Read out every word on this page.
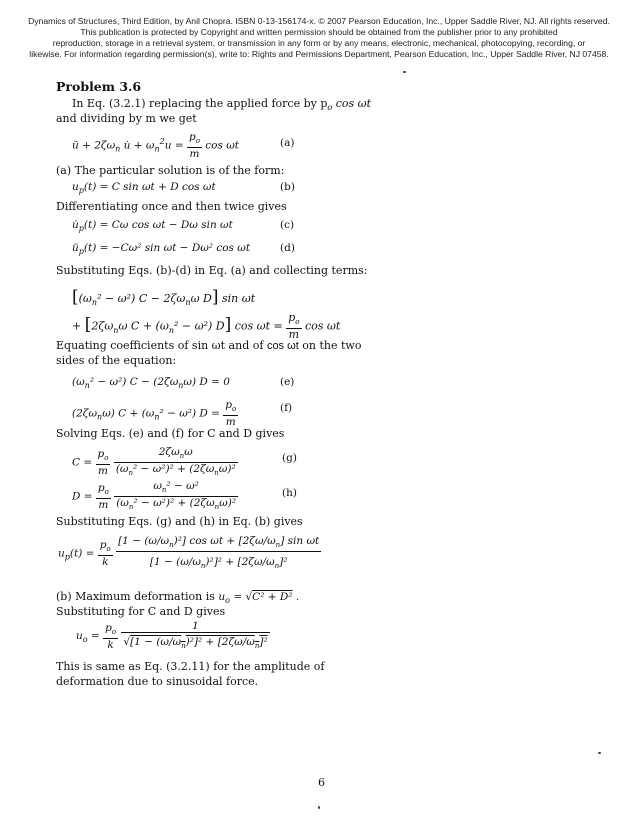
Dynamics of Structures, Third Edition, by Anil Chopra. ISBN 0-13-156174-x. © 2007 Pearson Education, Inc., Upper Saddle River, NJ. All rights reserved.
This publication is protected by Copyright and written permission should be obtained from the publisher prior to any prohibited
reproduction, storage in a retrieval system, or transmission in any form or by any means, electronic, mechanical, photocopying, recording, or
likewise. For information regarding permission(s), write to: Rights and Permissions Department, Pearson Education, Inc., Upper Saddle River, NJ 07458.
Problem 3.6
In Eq. (3.2.1) replacing the applied force by $p_o$ cos ωt
and dividing by m we get
ü + $2\zeta\omega_n$ u̇ + $\omega_n^2u = \frac{p_o}{m}$ cos ωt	(a)
(a) The particular solution is of the form:
$u_p(t) = C$ sin ωt + D cos ωt	(b)
Differentiating once and then twice gives
$u̇_p(t) = C\omega$ cos ωt − Dω sin ωt	(c)
$ü_p(t) = -C\omega^2$ sin ωt − Dω² cos ωt	(d)
Substituting Eqs. (b)-(d) in Eq. (a) and collecting terms:
[$(\omega_n^2 - \omega^2) C - 2\zeta\omega_n\omega$ D] sin ωt
+ [$2\zeta\omega_n\omega$ $C + (\omega_n^2 - \omega^2)$ D] $\cos \omega t = \frac{p_o}{m}$ cos ωt
Equating coefficients of sin ωt and of cos ωt on the two
sides of the equation:
$(\omega_n^2 - \omega^2) C - (2\zeta\omega_n\omega) D = 0$	(e)
$(2\zeta\omega_n\omega) C + (\omega_n^2 - \omega^2) D = \frac{p_o}{m}$	(f)
Solving Eqs. (e) and (f) for C and D gives
$C = \frac{p_o}{m}$
$\frac{2\zeta\omega_n\omega}{(\omega_n^2 - \omega^2)^2 + (2\zeta\omega_n\omega)^2}$	(g)
$D = \frac{p_o}{m}$
$\frac{\omega_n^2 - \omega^2}{(\omega_n^2 - \omega^2)^2 + (2\zeta\omega_n\omega)^2}$	(h)
Substituting Eqs. (g) and (h) in Eq. (b) gives
$u_p(t) = \frac{p_o}{k}$
$\frac{[1 - (\omega/\omega_n)^2] \cos \omega t + [2\zeta\omega/\omega_n] \sin \omega t}{[1 - (\omega/\omega_n)^2]^2 + [2\zeta\omega/\omega_n]^2}$
(b) Maximum deformation is $u_o = √C^2 + D^2$ .
Substituting for C and D gives
$u_o = \frac{p_o}{k}$
$\frac{1}{√[1 - (\omega/\omega_n)^2]^2 + [2\zeta\omega/\omega_n]^2}$
This is same as Eq. (3.2.11) for the amplitude of
deformation due to sinusoidal force.
6
